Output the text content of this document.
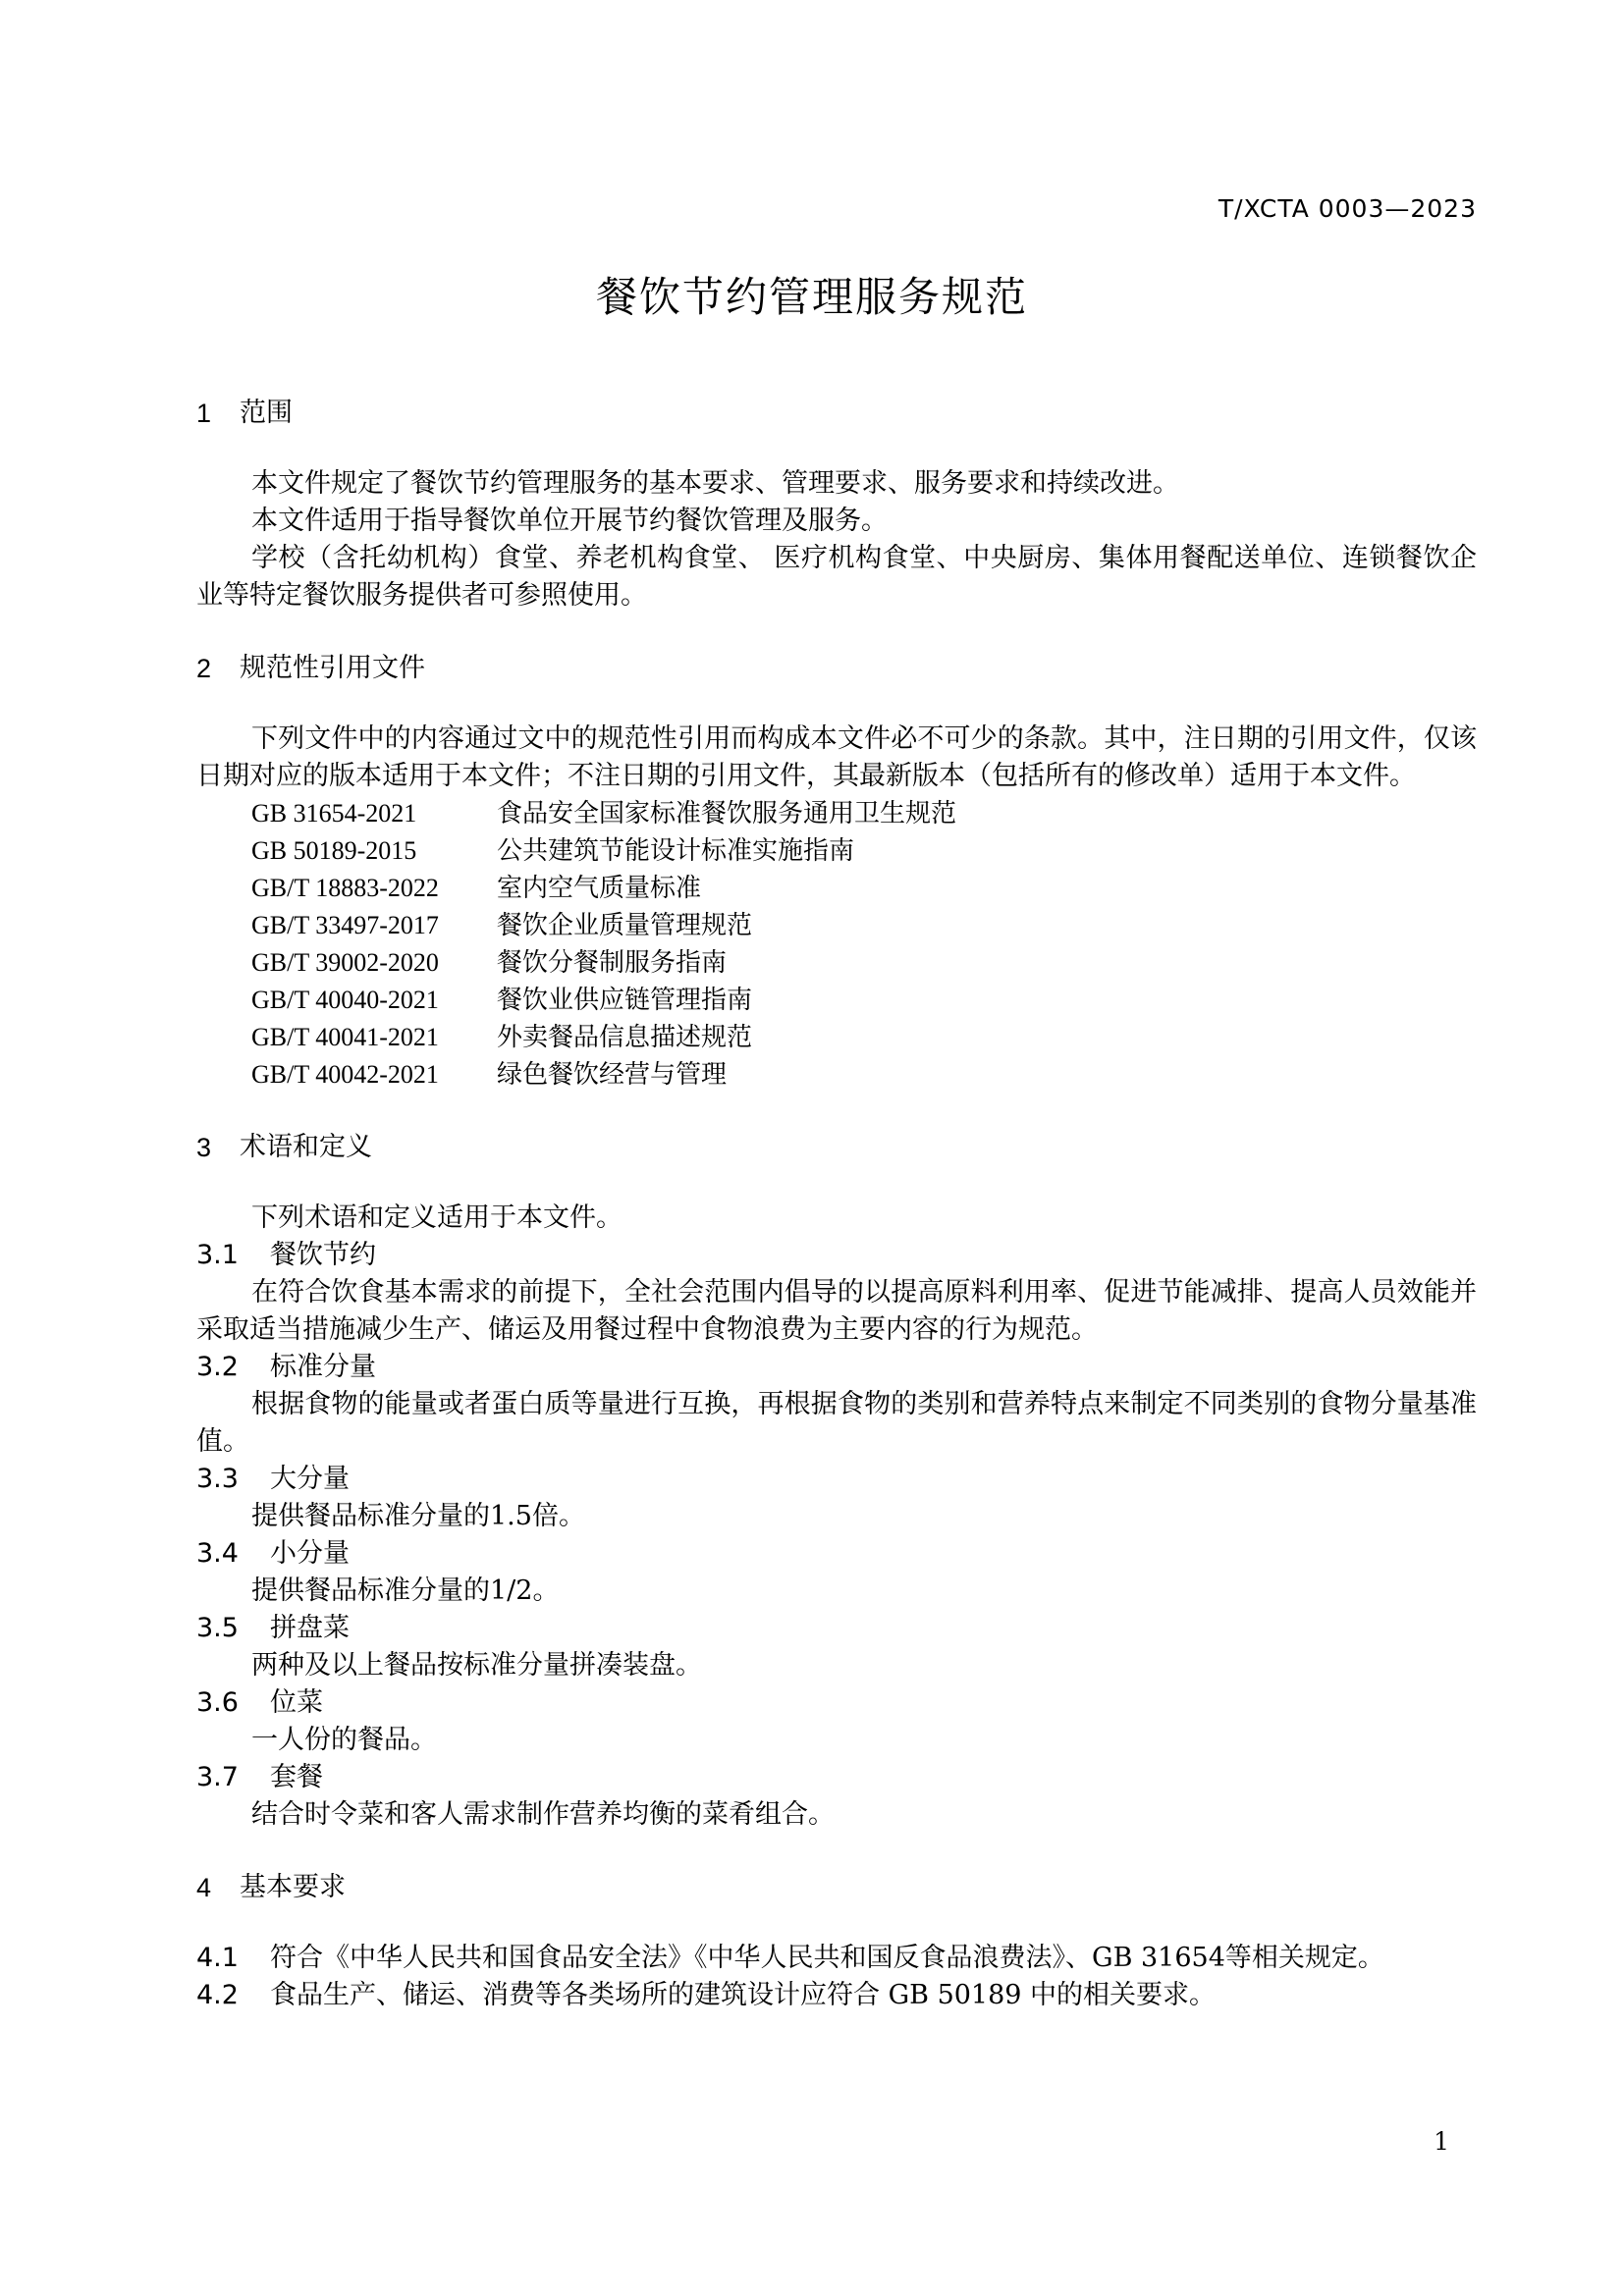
T/XCTA 0003—2023
餐饮节约管理服务规范
1	范围

本文件规定了餐饮节约管理服务的基本要求、管理要求、服务要求和持续改进。

本文件适用于指导餐饮单位开展节约餐饮管理及服务。

学校（含托幼机构）食堂、养老机构食堂、 医疗机构食堂、中央厨房、集体用餐配送单位、连锁餐饮企业等特定餐饮服务提供者可参照使用。

2	规范性引用文件

下列文件中的内容通过文中的规范性引用而构成本文件必不可少的条款。其中，注日期的引用文件，仅该日期对应的版本适用于本文件；不注日期的引用文件，其最新版本（包括所有的修改单）适用于本文件。

GB 31654-2021	食品安全国家标准餐饮服务通用卫生规范
GB 50189-2015	公共建筑节能设计标准实施指南
GB/T 18883-2022	室内空气质量标准
GB/T 33497-2017	餐饮企业质量管理规范
GB/T 39002-2020	餐饮分餐制服务指南
GB/T 40040-2021	餐饮业供应链管理指南
GB/T 40041-2021	外卖餐品信息描述规范
GB/T 40042-2021	绿色餐饮经营与管理
3	术语和定义

下列术语和定义适用于本文件。

3.1	餐饮节约

在符合饮食基本需求的前提下，全社会范围内倡导的以提高原料利用率、促进节能减排、提高人员效能并采取适当措施减少生产、储运及用餐过程中食物浪费为主要内容的行为规范。

3.2	标准分量

根据食物的能量或者蛋白质等量进行互换，再根据食物的类别和营养特点来制定不同类别的食物分量基准值。

3.3	大分量

提供餐品标准分量的1.5倍。

3.4	小分量

提供餐品标准分量的1/2。

3.5	拼盘菜

两种及以上餐品按标准分量拼凑装盘。

3.6	位菜

一人份的餐品。

3.7	套餐

结合时令菜和客人需求制作营养均衡的菜肴组合。

4	基本要求
4.1	符合《中华人民共和国食品安全法》《中华人民共和国反食品浪费法》、GB 31654等相关规定。
4.2	食品生产、储运、消费等各类场所的建筑设计应符合 GB 50189 中的相关要求。
1
